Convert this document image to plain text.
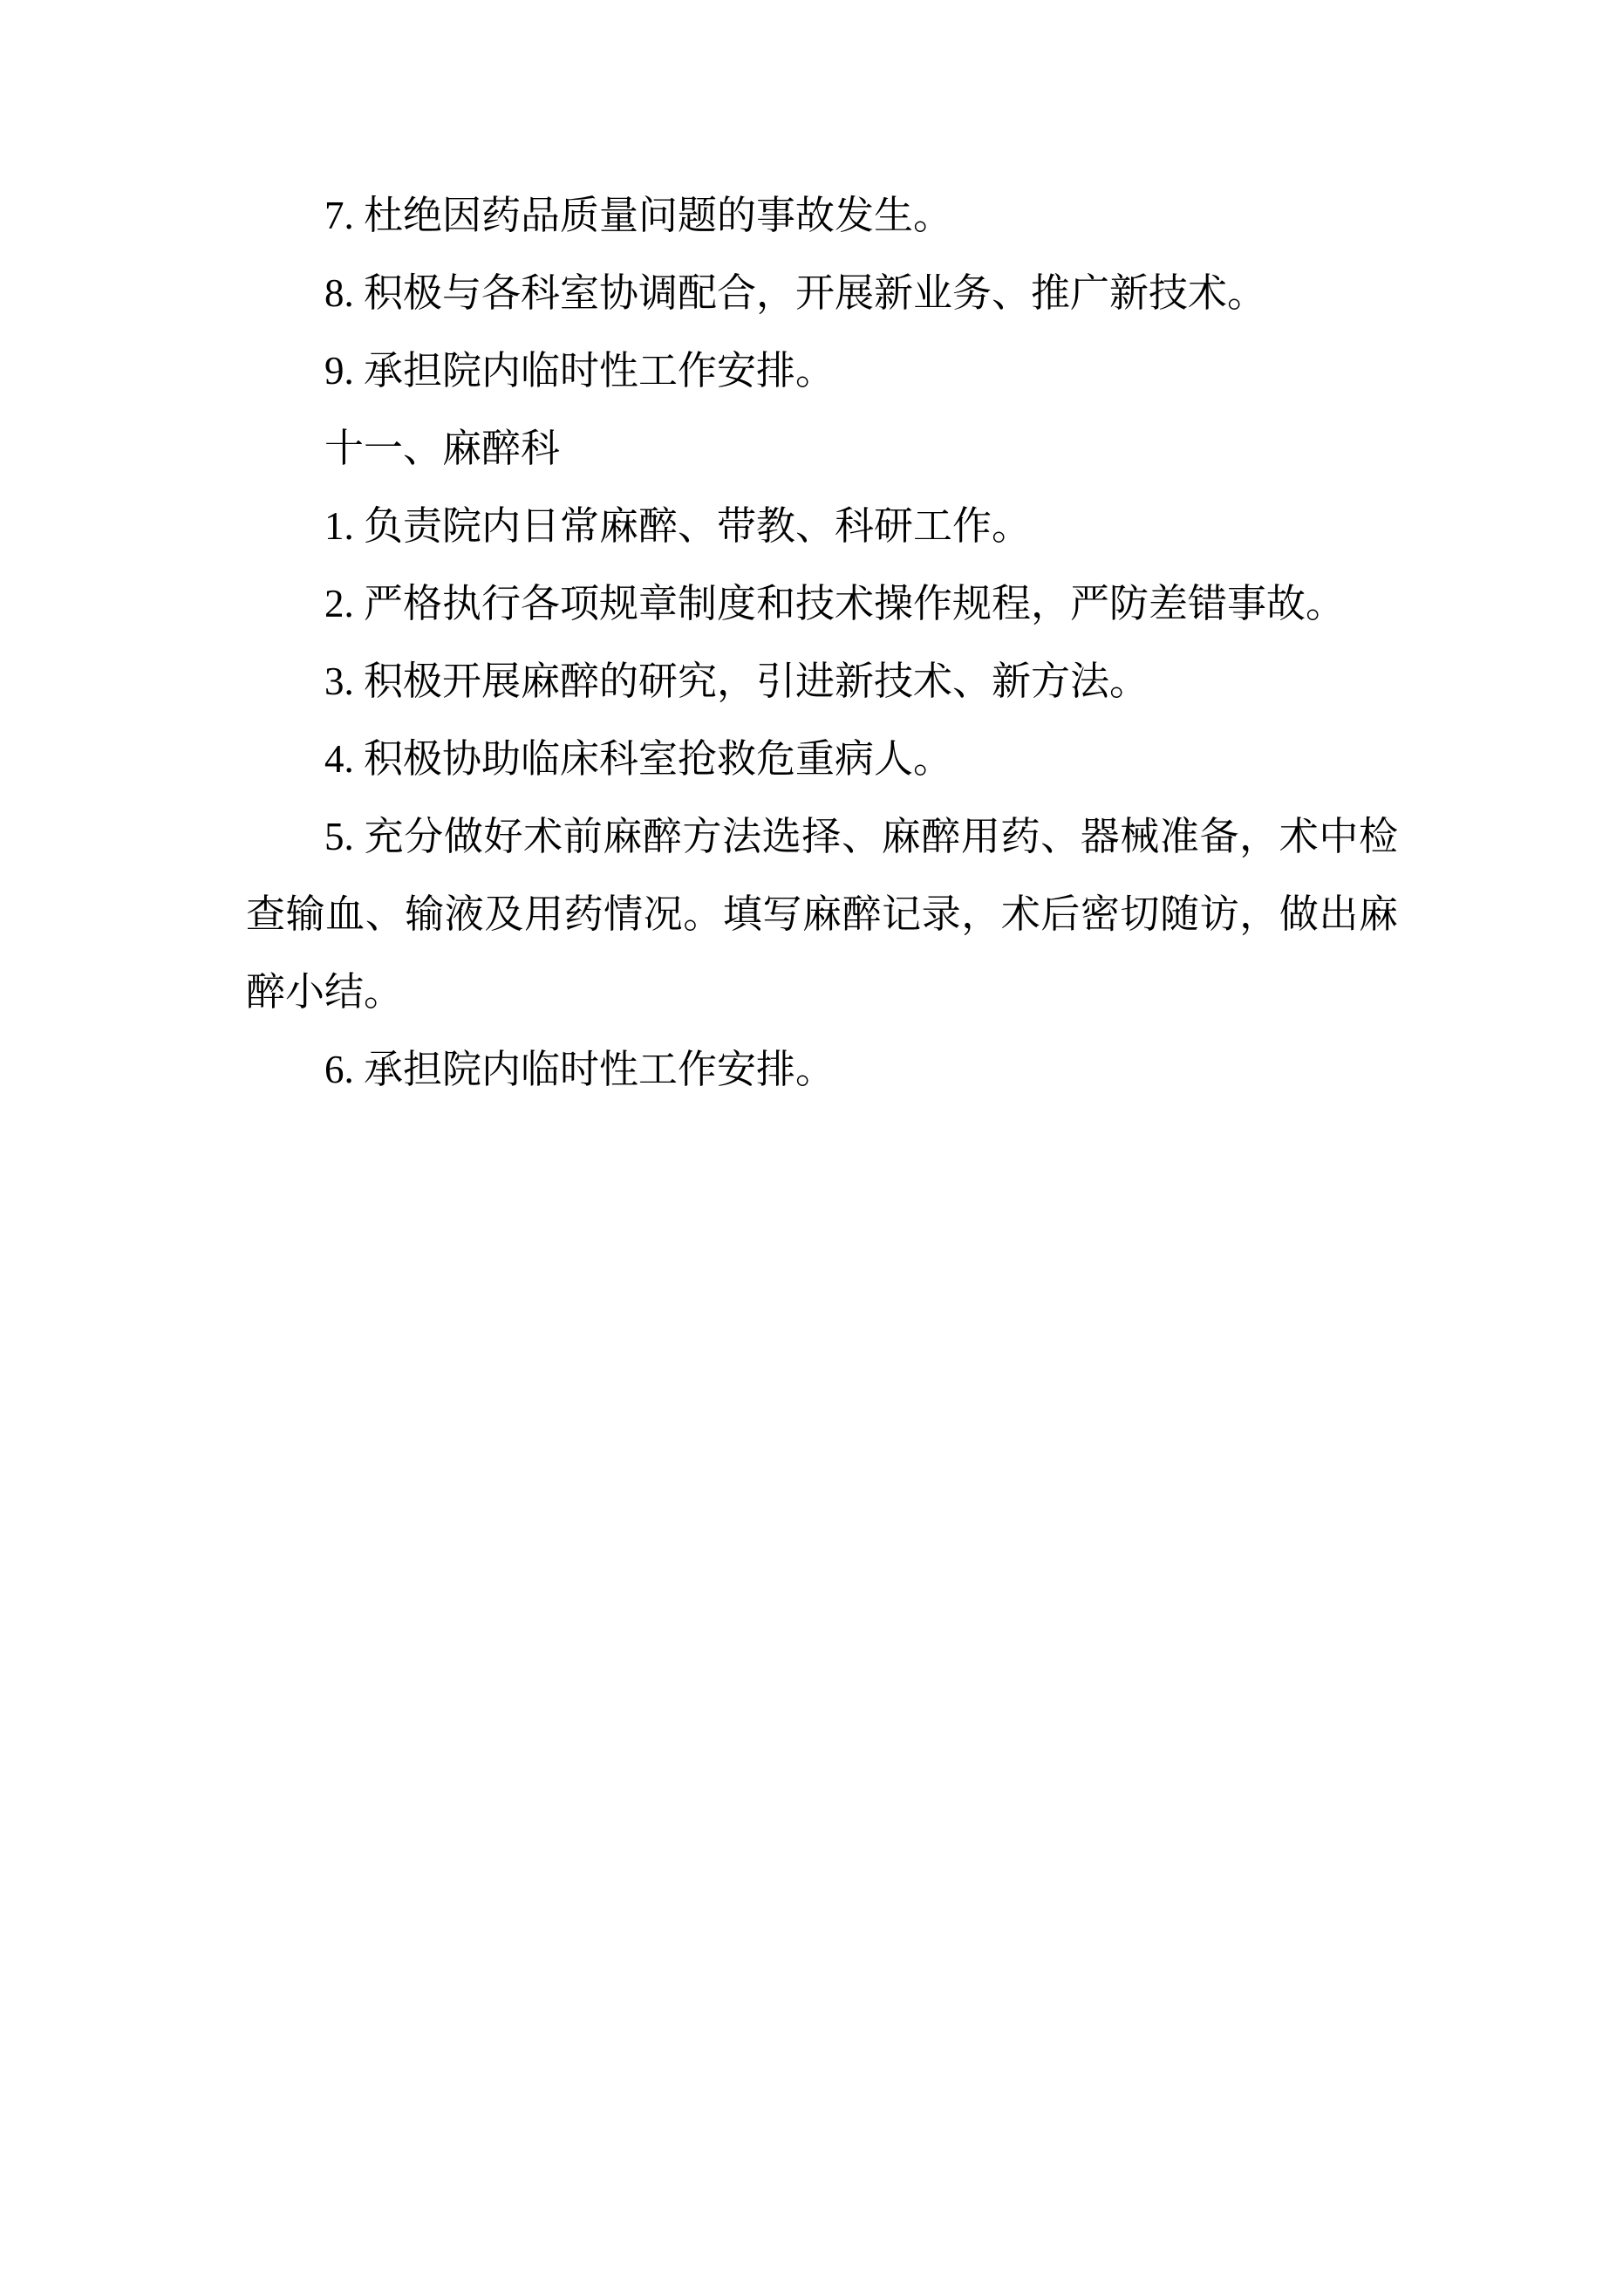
7. 杜绝因药品质量问题的事故发生。

8. 积极与各科室协调配合，开展新业务、推广新技术。

9. 承担院内临时性工作安排。

十一、麻醉科

1. 负责院内日常麻醉、带教、科研工作。

2. 严格执行各项规章制度和技术操作规程，严防差错事故。

3. 积极开展麻醉的研究，引进新技术、新方法。

4. 积极协助临床科室抢救危重病人。

5. 充分做好术前麻醉方法选择、麻醉用药、器械准备，术中检查输血、输液及用药情况。填写麻醉记录，术后密切随访，做出麻醉小结。

6. 承担院内临时性工作安排。
